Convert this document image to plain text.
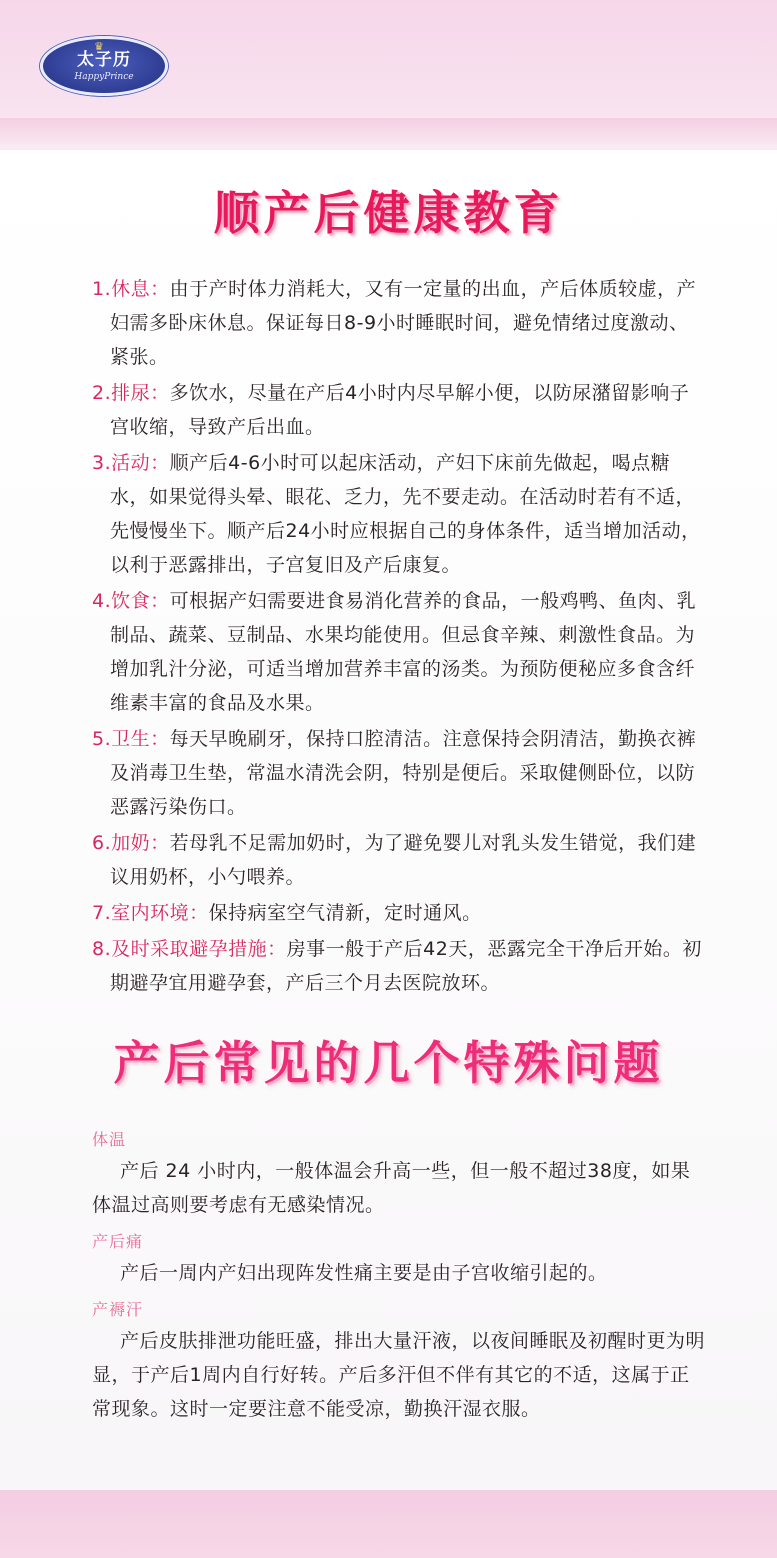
♛
太子历
HappyPrince
顺产后健康教育
1.休息：由于产时体力消耗大，又有一定量的出血，产后体质较虚，产妇需多卧床休息。保证每日8-9小时睡眠时间，避免情绪过度激动、紧张。
2.排尿：多饮水，尽量在产后4小时内尽早解小便，以防尿潴留影响子宫收缩，导致产后出血。
3.活动：顺产后4-6小时可以起床活动，产妇下床前先做起，喝点糖水，如果觉得头晕、眼花、乏力，先不要走动。在活动时若有不适，先慢慢坐下。顺产后24小时应根据自己的身体条件，适当增加活动，以利于恶露排出，子宫复旧及产后康复。
4.饮食：可根据产妇需要进食易消化营养的食品，一般鸡鸭、鱼肉、乳制品、蔬菜、豆制品、水果均能使用。但忌食辛辣、刺激性食品。为增加乳汁分泌，可适当增加营养丰富的汤类。为预防便秘应多食含纤维素丰富的食品及水果。
5.卫生：每天早晚刷牙，保持口腔清洁。注意保持会阴清洁，勤换衣裤及消毒卫生垫，常温水清洗会阴，特别是便后。采取健侧卧位，以防恶露污染伤口。
6.加奶：若母乳不足需加奶时，为了避免婴儿对乳头发生错觉，我们建议用奶杯，小勺喂养。
7.室内环境：保持病室空气清新，定时通风。
8.及时采取避孕措施：房事一般于产后42天，恶露完全干净后开始。初期避孕宜用避孕套，产后三个月去医院放环。
产后常见的几个特殊问题
体温
产后 24 小时内，一般体温会升高一些，但一般不超过38度，如果体温过高则要考虑有无感染情况。
产后痛
产后一周内产妇出现阵发性痛主要是由子宫收缩引起的。
产褥汗
产后皮肤排泄功能旺盛，排出大量汗液，以夜间睡眠及初醒时更为明显，于产后1周内自行好转。产后多汗但不伴有其它的不适，这属于正常现象。这时一定要注意不能受凉，勤换汗湿衣服。
